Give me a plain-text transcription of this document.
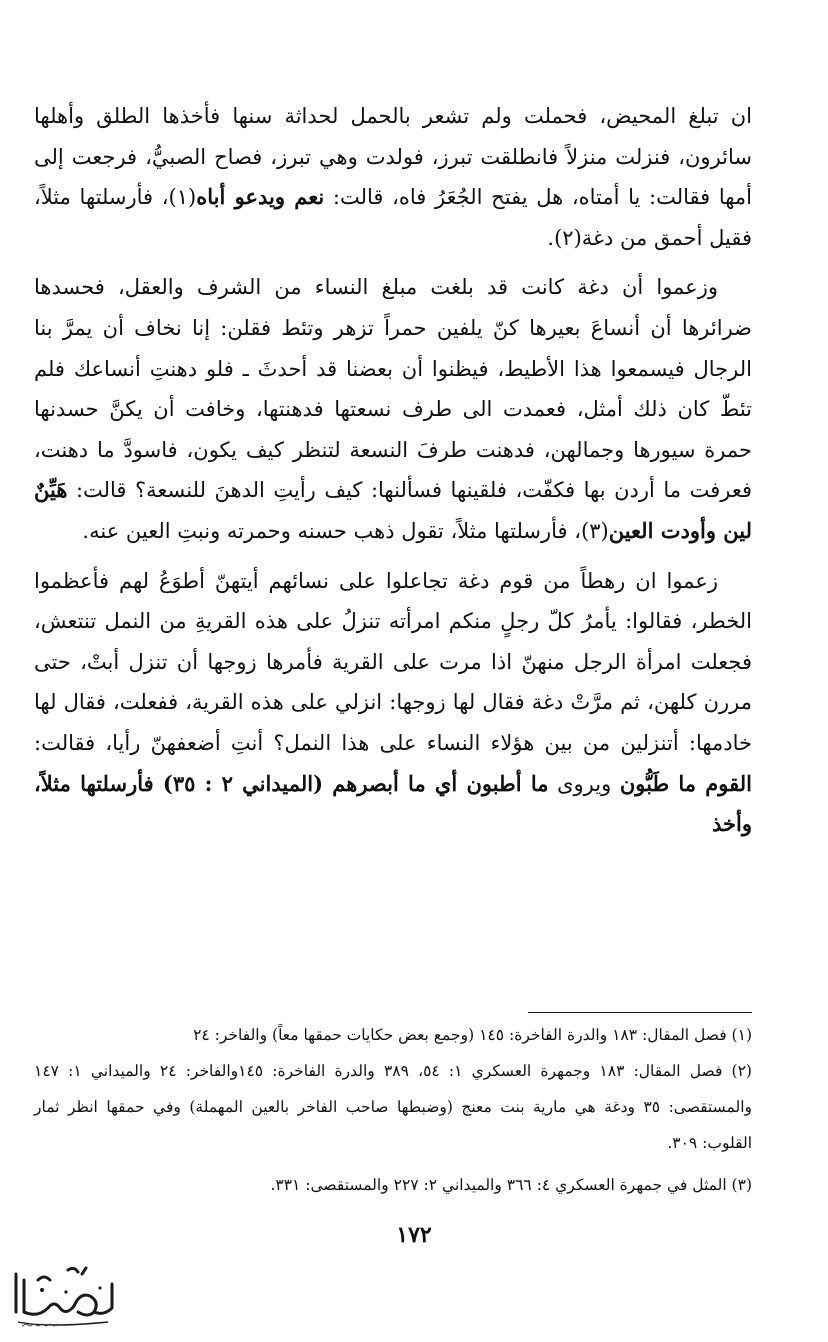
ان تبلغ المحيض، فحملت ولم تشعر بالحمل لحداثة سنها فأخذها الطلق وأهلها سائرون، فنزلت منزلاً فانطلقت تبرز، فولدت وهي تبرز، فصاح الصبيُّ، فرجعت إلى أمها فقالت: يا أمتاه، هل يفتح الجُعَرُ فاه، قالت: نعم ويدعو أباه(١)، فأرسلتها مثلاً، فقيل أحمق من دغة(٢).

وزعموا أن دغة كانت قد بلغت مبلغ النساء من الشرف والعقل، فحسدها ضرائرها أن أنساعَ بعيرها كنّ يلفين حمراً تزهر وتئط فقلن: إنا نخاف أن يمرَّ بنا الرجال فيسمعوا هذا الأطيط، فيظنوا أن بعضنا قد أحدثَ ـ فلو دهنتِ أنساعك فلم تئطّ كان ذلك أمثل، فعمدت الى طرف نسعتها فدهنتها، وخافت أن يكنَّ حسدنها حمرة سيورها وجمالهن، فدهنت طرفَ النسعة لتنظر كيف يكون، فاسودَّ ما دهنت، فعرفت ما أردن بها فكفّت، فلقينها فسألنها: كيف رأيتِ الدهنَ للنسعة؟ قالت: هَيِّنٌ لين وأودت العين(٣)، فأرسلتها مثلاً، تقول ذهب حسنه وحمرته ونبتِ العين عنه.

زعموا ان رهطاً من قوم دغة تجاعلوا على نسائهم أيتهنّ أطوَعُ لهم فأعظموا الخطر، فقالوا: يأمرُ كلّ رجلٍ منكم امرأته تنزلُ على هذه القريةِ من النمل تنتعش، فجعلت امرأة الرجل منهنّ اذا مرت على القرية فأمرها زوجها أن تنزل أبتْ، حتى مررن كلهن، ثم مرَّتْ دغة فقال لها زوجها: انزلي على هذه القرية، ففعلت، فقال لها خادمها: أتنزلين من بين هؤلاء النساء على هذا النمل؟ أنتِ أضعفهنّ رأيا، فقالت: القوم ما طَبُّون ويروى ما أطبون أي ما أبصرهم (الميداني ٢ : ٣٥) فأرسلتها مثلاً، وأخذ

(١) فصل المقال: ١٨٣ والدرة الفاخرة: ١٤٥ (وجمع بعض حكايات حمقها معاً) والفاخر: ٢٤

(٢) فصل المقال: ١٨٣ وجمهرة العسكري ١: ٥٤، ٣٨٩ والدرة الفاخرة: ١٤٥والفاخر: ٢٤ والميداني ١: ١٤٧ والمستقصى: ٣٥ ودغة هي مارية بنت معنج (وضبطها صاحب الفاخر بالعين المهملة) وفي حمقها انظر ثمار القلوب: ٣٠٩.

(٣) المثل في جمهرة العسكري ٤: ٣٦٦ والميداني ٢: ٢٢٧ والمستقصى: ٣٣١.

١٧٢
